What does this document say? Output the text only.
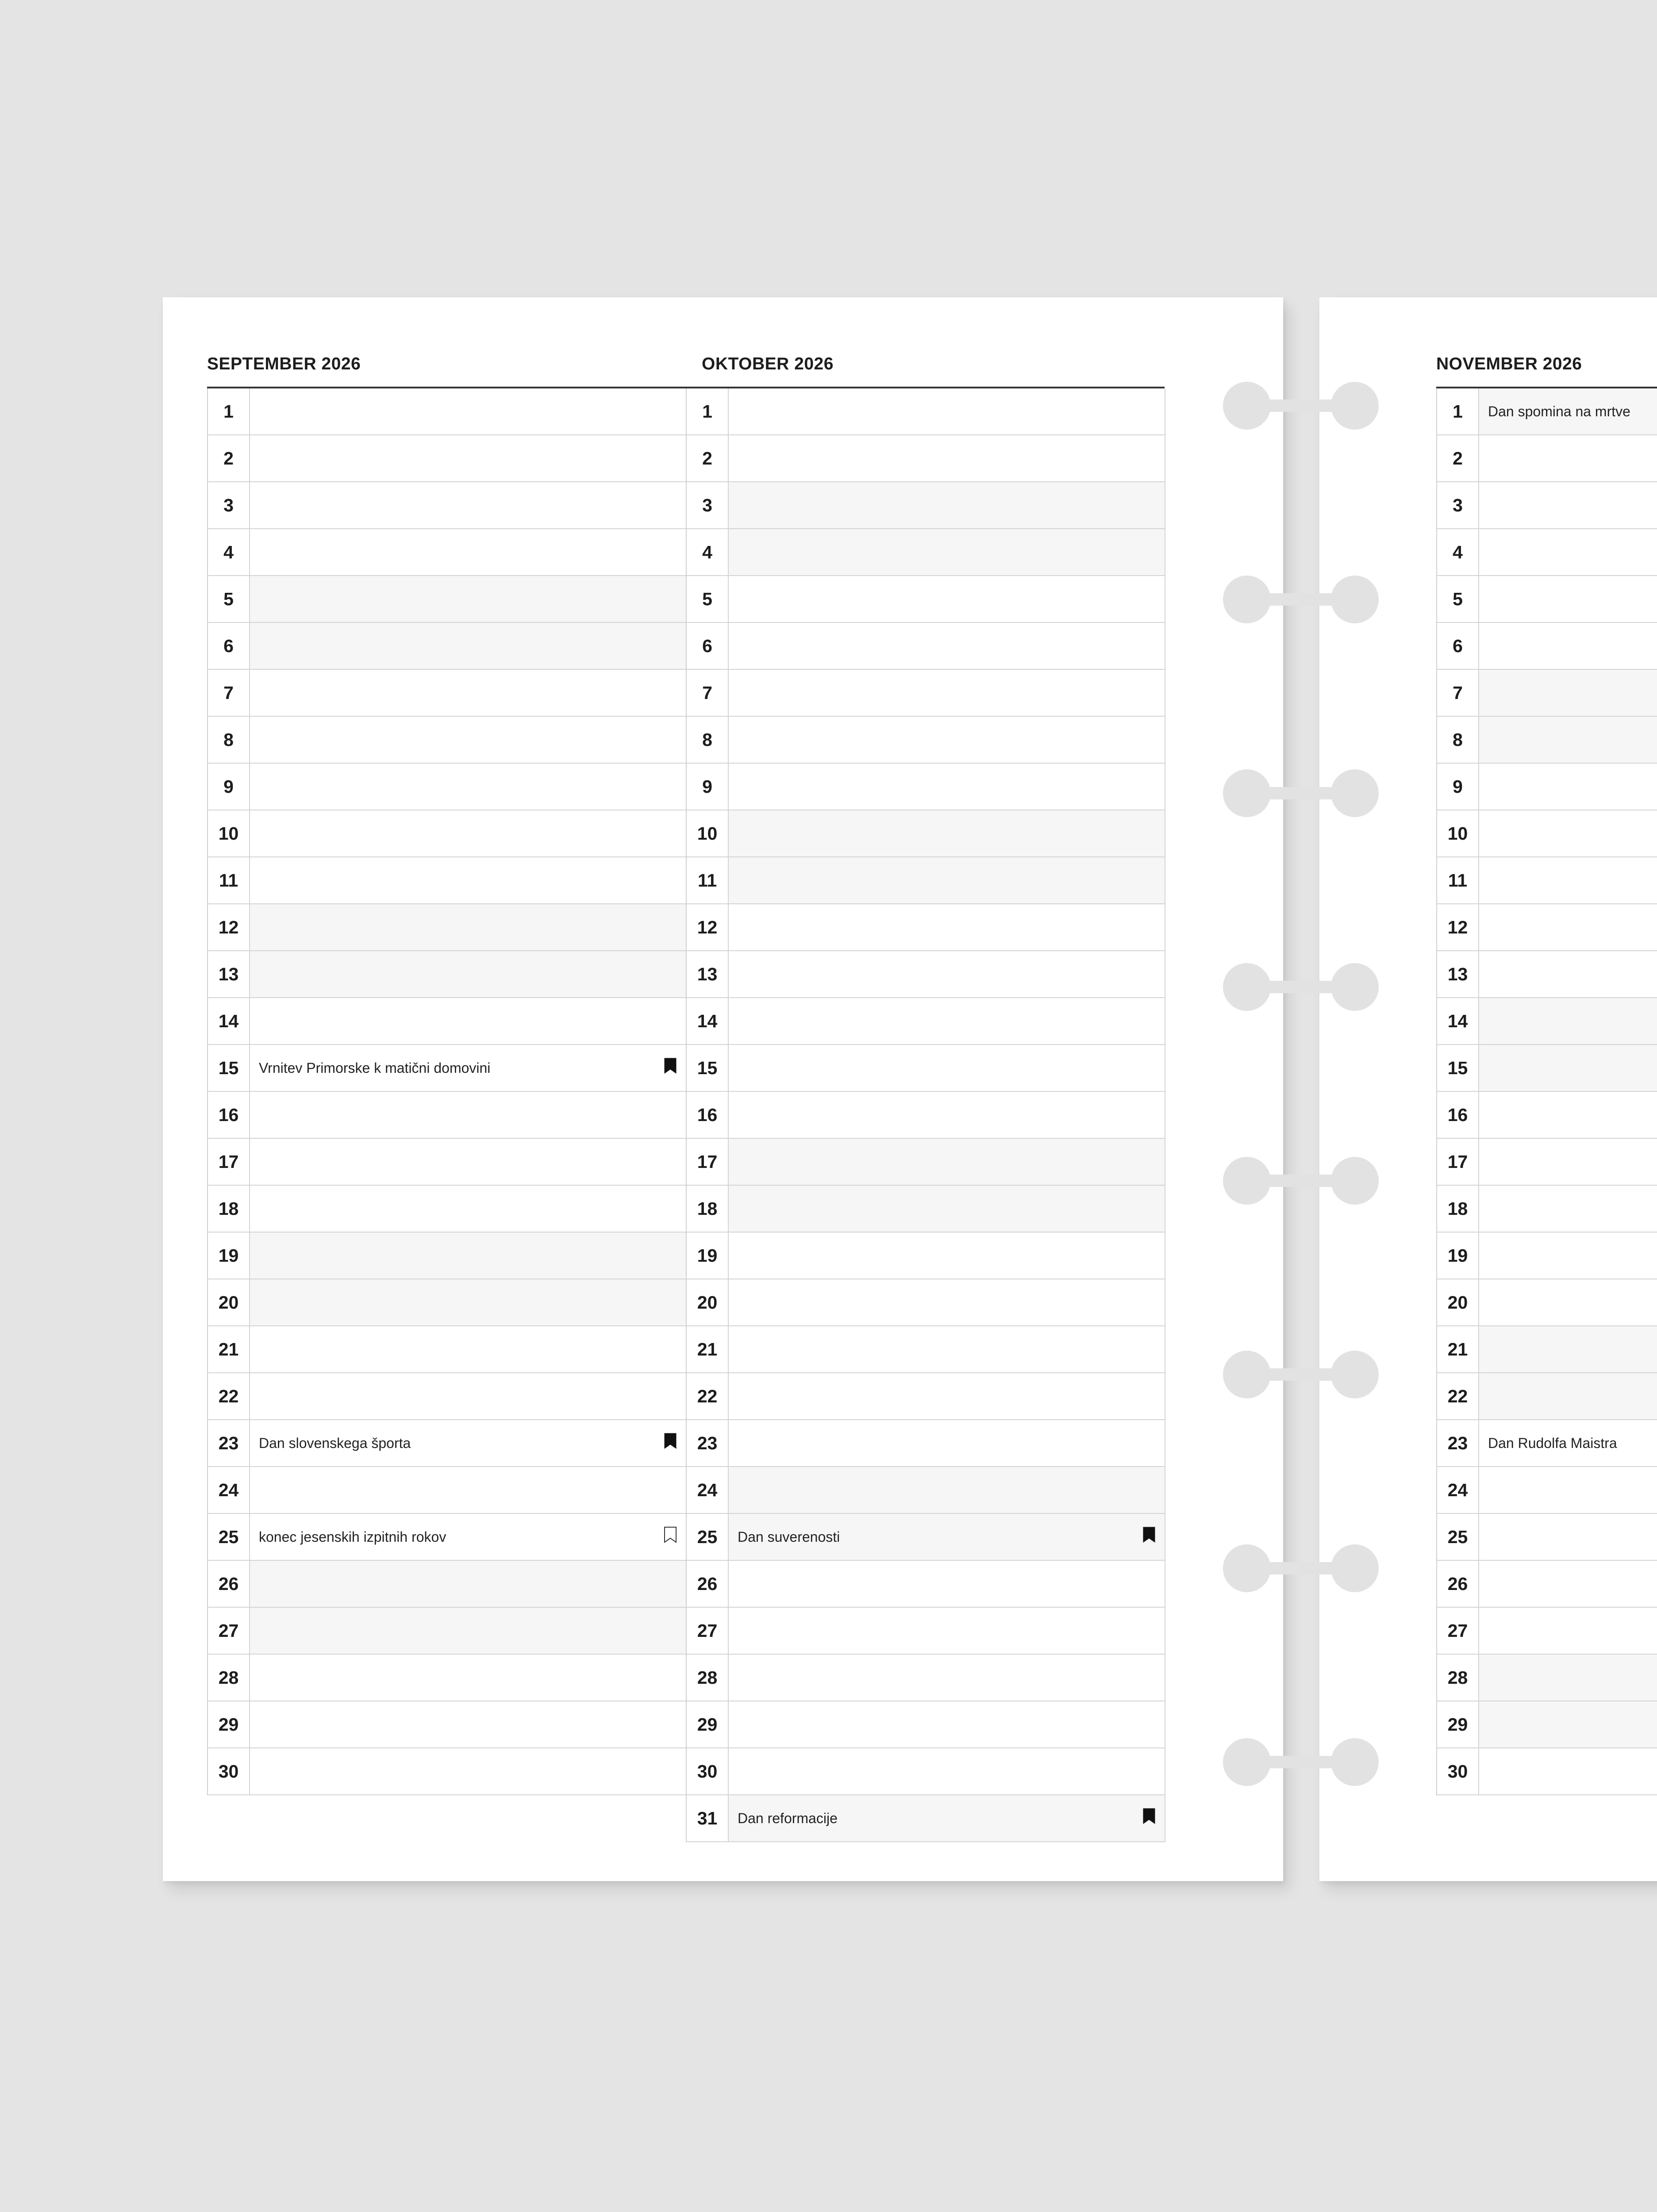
SEPTEMBER 2026
1
2
3
4
5
6
7
8
9
10
11
12
13
14
15	Vrnitev Primorske k matični domovini
16
17
18
19
20
21
22
23	Dan slovenskega športa
24
25	konec jesenskih izpitnih rokov
26
27
28
29
30
OKTOBER 2026
1
2
3
4
5
6
7
8
9
10
11
12
13
14
15
16
17
18
19
20
21
22
23
24
25	Dan suverenosti
26
27
28
29
30
31	Dan reformacije
NOVEMBER 2026
1	Dan spomina na mrtve
2
3
4
5
6
7
8
9
10
11
12
13
14
15
16
17
18
19
20
21
22
23	Dan Rudolfa Maistra
24
25
26
27
28
29
30
